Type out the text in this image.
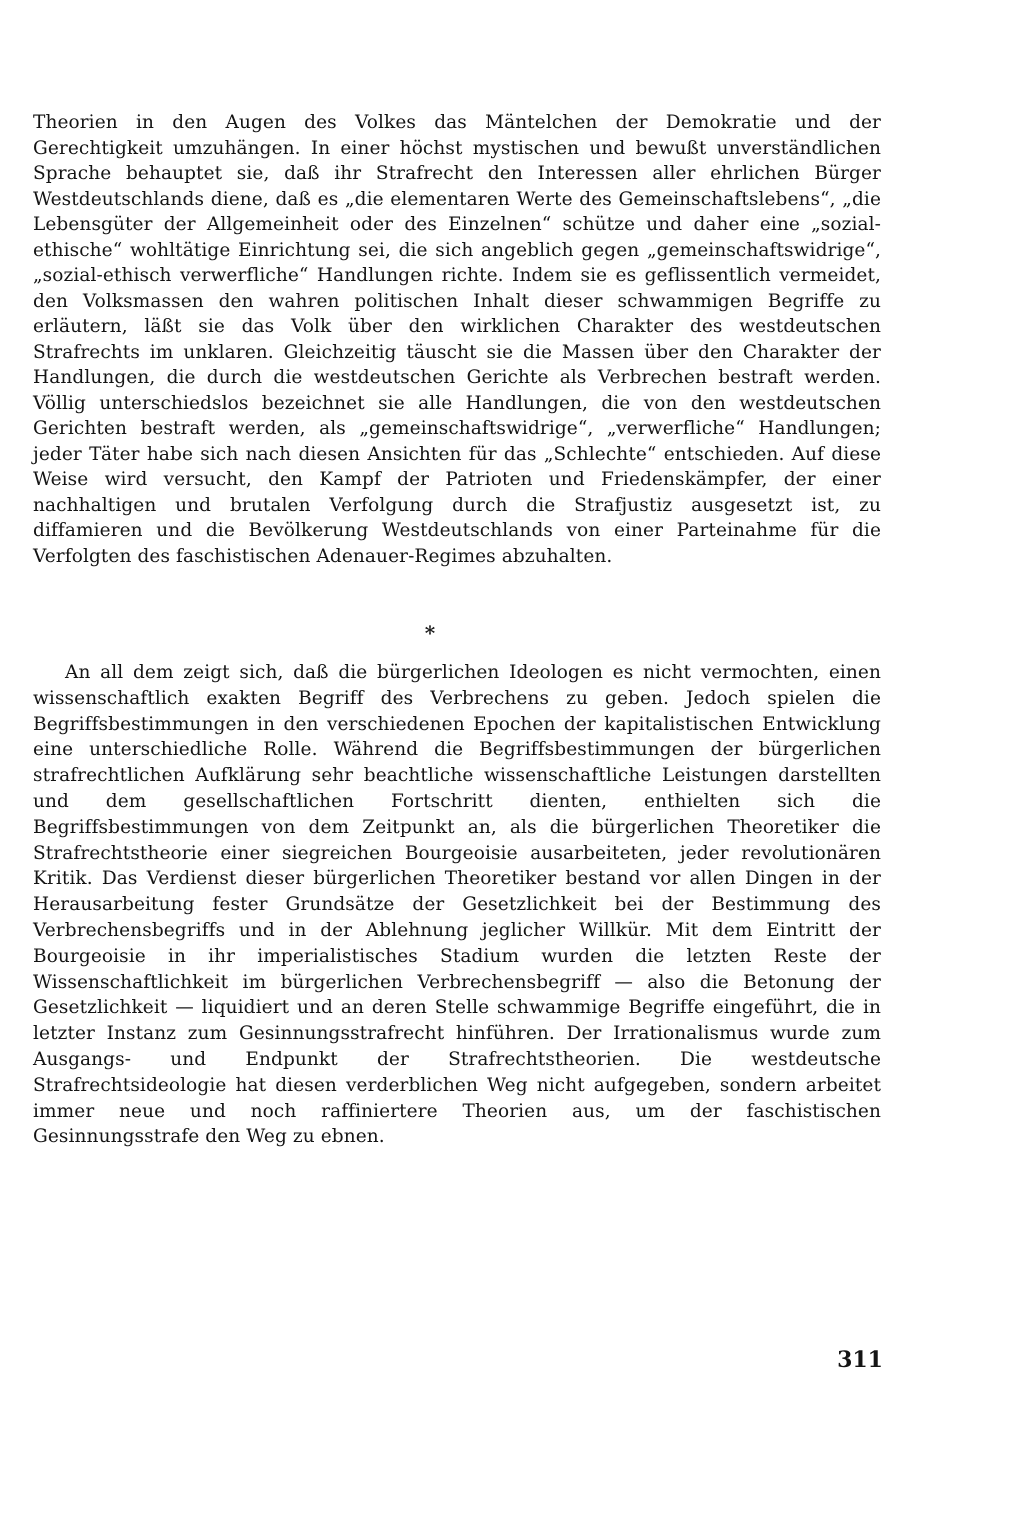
Theorien in den Augen des Volkes das Mäntelchen der Demokratie und der Gerechtigkeit umzuhängen. In einer höchst mystischen und bewußt unverständlichen Sprache behauptet sie, daß ihr Strafrecht den Interessen aller ehrlichen Bürger Westdeutschlands diene, daß es „die elementaren Werte des Gemeinschaftslebens“, „die Lebensgüter der Allgemeinheit oder des Einzelnen“ schütze und daher eine „sozial-ethische“ wohltätige Einrichtung sei, die sich angeblich gegen „gemeinschaftswidrige“, „sozial-ethisch verwerfliche“ Handlungen richte. Indem sie es geflissentlich vermeidet, den Volksmassen den wahren politischen Inhalt dieser schwammigen Begriffe zu erläutern, läßt sie das Volk über den wirklichen Charakter des westdeutschen Strafrechts im unklaren. Gleichzeitig täuscht sie die Massen über den Charakter der Handlungen, die durch die westdeutschen Gerichte als Verbrechen bestraft werden. Völlig unterschiedslos bezeichnet sie alle Handlungen, die von den westdeutschen Gerichten bestraft werden, als „gemeinschaftswidrige“, „verwerfliche“ Handlungen; jeder Täter habe sich nach diesen Ansichten für das „Schlechte“ entschieden. Auf diese Weise wird versucht, den Kampf der Patrioten und Friedenskämpfer, der einer nachhaltigen und brutalen Verfolgung durch die Strafjustiz ausgesetzt ist, zu diffamieren und die Bevölkerung Westdeutschlands von einer Parteinahme für die Verfolgten des faschistischen Adenauer-Regimes abzuhalten.

*

An all dem zeigt sich, daß die bürgerlichen Ideologen es nicht vermochten, einen wissenschaftlich exakten Begriff des Verbrechens zu geben. Jedoch spielen die Begriffsbestimmungen in den verschiedenen Epochen der kapitalistischen Entwicklung eine unterschiedliche Rolle. Während die Begriffsbestimmungen der bürgerlichen strafrechtlichen Aufklärung sehr beachtliche wissenschaftliche Leistungen darstellten und dem gesellschaftlichen Fortschritt dienten, enthielten sich die Begriffsbestimmungen von dem Zeitpunkt an, als die bürgerlichen Theoretiker die Strafrechtstheorie einer siegreichen Bourgeoisie ausarbeiteten, jeder revolutionären Kritik. Das Verdienst dieser bürgerlichen Theoretiker bestand vor allen Dingen in der Herausarbeitung fester Grundsätze der Gesetzlichkeit bei der Bestimmung des Verbrechensbegriffs und in der Ablehnung jeglicher Willkür. Mit dem Eintritt der Bourgeoisie in ihr imperialistisches Stadium wurden die letzten Reste der Wissenschaftlichkeit im bürgerlichen Verbrechensbegriff — also die Betonung der Gesetzlichkeit — liquidiert und an deren Stelle schwammige Begriffe eingeführt, die in letzter Instanz zum Gesinnungsstrafrecht hinführen. Der Irrationalismus wurde zum Ausgangs- und Endpunkt der Strafrechtstheorien. Die westdeutsche Strafrechtsideologie hat diesen verderblichen Weg nicht aufgegeben, sondern arbeitet immer neue und noch raffiniertere Theorien aus, um der faschistischen Gesinnungsstrafe den Weg zu ebnen.

311
